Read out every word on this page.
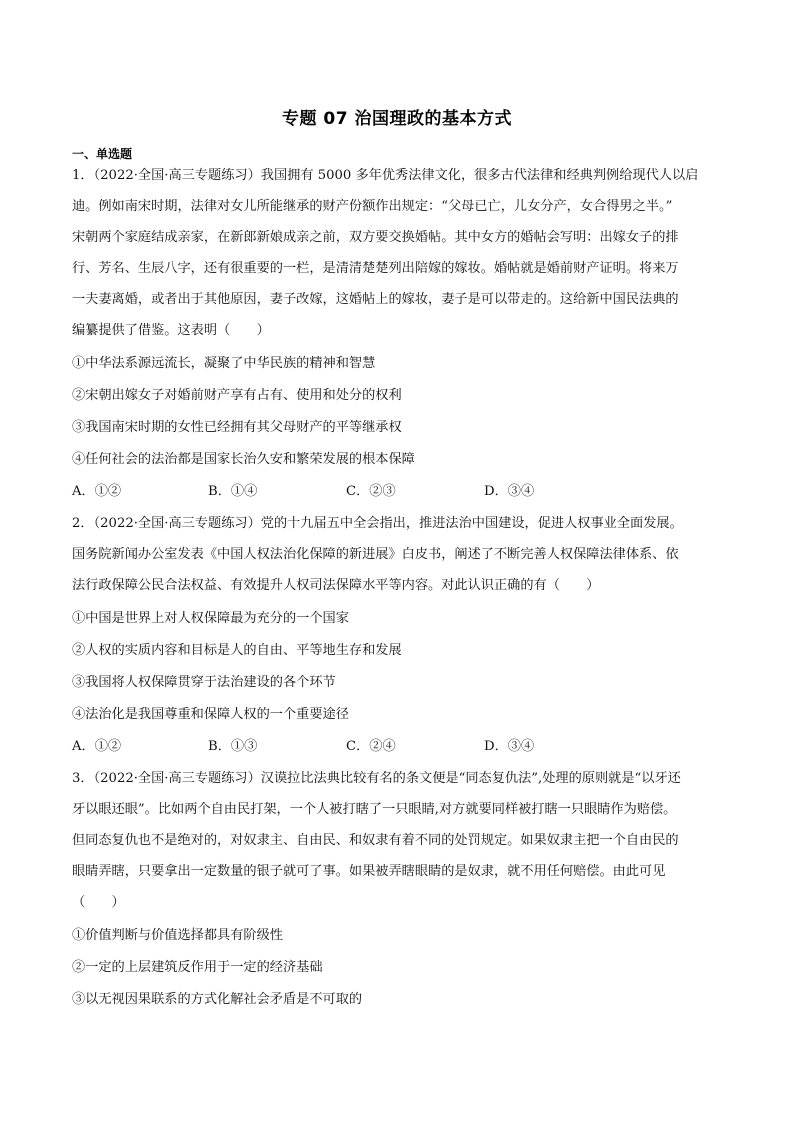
专题 07 治国理政的基本方式
一、单选题
1．（2022·全国·高三专题练习）我国拥有 5000 多年优秀法律文化，很多古代法律和经典判例给现代人以启
迪。例如南宋时期，法律对女儿所能继承的财产份额作出规定：“父母已亡，儿女分产，女合得男之半。”
宋朝两个家庭结成亲家，在新郎新娘成亲之前，双方要交换婚帖。其中女方的婚帖会写明：出嫁女子的排
行、芳名、生辰八字，还有很重要的一栏，是清清楚楚列出陪嫁的嫁妆。婚帖就是婚前财产证明。将来万
一夫妻离婚，或者出于其他原因，妻子改嫁，这婚帖上的嫁妆，妻子是可以带走的。这给新中国民法典的
编纂提供了借鉴。这表明（　　）
①中华法系源远流长，凝聚了中华民族的精神和智慧
②宋朝出嫁女子对婚前财产享有占有、使用和处分的权利
③我国南宋时期的女性已经拥有其父母财产的平等继承权
④任何社会的法治都是国家长治久安和繁荣发展的根本保障
A．①②	B．①④	C．②③	D．③④
2．（2022·全国·高三专题练习）党的十九届五中全会指出，推进法治中国建设，促进人权事业全面发展。
国务院新闻办公室发表《中国人权法治化保障的新进展》白皮书，阐述了不断完善人权保障法律体系、依
法行政保障公民合法权益、有效提升人权司法保障水平等内容。对此认识正确的有（　　）
①中国是世界上对人权保障最为充分的一个国家
②人权的实质内容和目标是人的自由、平等地生存和发展
③我国将人权保障贯穿于法治建设的各个环节
④法治化是我国尊重和保障人权的一个重要途径
A．①②	B．①③	C．②④	D．③④
3．（2022·全国·高三专题练习）汉谟拉比法典比较有名的条文便是“同态复仇法”,处理的原则就是“以牙还
牙以眼还眼”。比如两个自由民打架，一个人被打瞎了一只眼睛,对方就要同样被打瞎一只眼睛作为赔偿。
但同态复仇也不是绝对的，对奴隶主、自由民、和奴隶有着不同的处罚规定。如果奴隶主把一个自由民的
眼睛弄瞎，只要拿出一定数量的银子就可了事。如果被弄瞎眼睛的是奴隶，就不用任何赔偿。由此可见
（　　）
①价值判断与价值选择都具有阶级性
②一定的上层建筑反作用于一定的经济基础
③以无视因果联系的方式化解社会矛盾是不可取的
